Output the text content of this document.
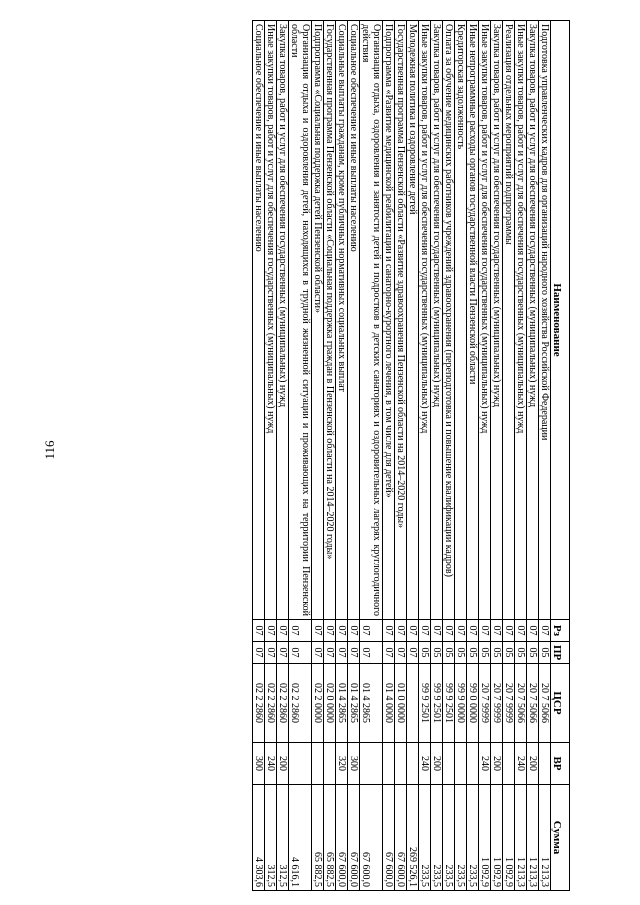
116
Наименование	Рз	ПР	ЦСР	ВР	Сумма
Подготовка управленческих кадров для организаций народного хозяйства Российской Федерации	07	05	20 7 5066		1 213,3
Закупка товаров, работ и услуг для обеспечения государственных (муниципальных) нужд	07	05	20 7 5066	200	1 213,3
Иные закупки товаров, работ и услуг для обеспечения государственных (муниципальных) нужд	07	05	20 7 5066	240	1 213,3
Реализация отдельных мероприятий подпрограммы	07	05	20 7 9999		1 092,9
Закупка товаров, работ и услуг для обеспечения государственных (муниципальных) нужд	07	05	20 7 9999	200	1 092,9
Иные закупки товаров, работ и услуг для обеспечения государственных (муниципальных) нужд	07	05	20 7 9999	240	1 092,9
Иные непрограммные расходы органов государственной власти Пензенской области	07	05	99 0 0000		233,5
Кредиторская задолженность	07	05	99 9 0000		233,5
Оплата за обучение медицинских работников учреждений здравоохранения (переподготовка и повышение квалификации кадров)	07	05	99 9 2501		233,5
Закупка товаров, работ и услуг для обеспечения государственных (муниципальных) нужд	07	05	99 9 2501	200	233,5
Иные закупки товаров, работ и услуг для обеспечения государственных (муниципальных) нужд	07	05	99 9 2501	240	233,5
Молодежная политика и оздоровление детей	07	07			269 526,1
Государственная программа Пензенской области «Развитие здравоохранения Пензенской области на 2014–2020 годы»	07	07	01 0 0000		67 600,0
Подпрограмма «Развитие медицинской реабилитации и санаторно-курортного лечения, в том числе для детей»	07	07	01 4 0000		67 600,0
Организация отдыха, оздоровления и занятости детей и подростков в детских санаториях и оздоровительных лагерях круглогодичного действия	07	07	01 4 2865		67 600,0
Социальное обеспечение и иные выплаты населению	07	07	01 4 2865	300	67 600,0
Социальные выплаты гражданам, кроме публичных нормативных социальных выплат	07	07	01 4 2865	320	67 600,0
Государственная программа Пензенской области «Социальная поддержка граждан в Пензенской области на 2014–2020 годы»	07	07	02 0 0000		65 882,5
Подпрограмма «Социальная поддержка детей Пензенской области»	07	07	02 2 0000		65 882,5
Организация отдыха и оздоровления детей, находящихся в трудной жизненной ситуации и проживающих на территории Пензенской области	07	07	02 2 2860		4 616,1
Закупка товаров, работ и услуг для обеспечения государственных (муниципальных) нужд	07	07	02 2 2860	200	312,5
Иные закупки товаров, работ и услуг для обеспечения государственных (муниципальных) нужд	07	07	02 2 2860	240	312,5
Социальное обеспечение и иные выплаты населению	07	07	02 2 2860	300	4 303,6
